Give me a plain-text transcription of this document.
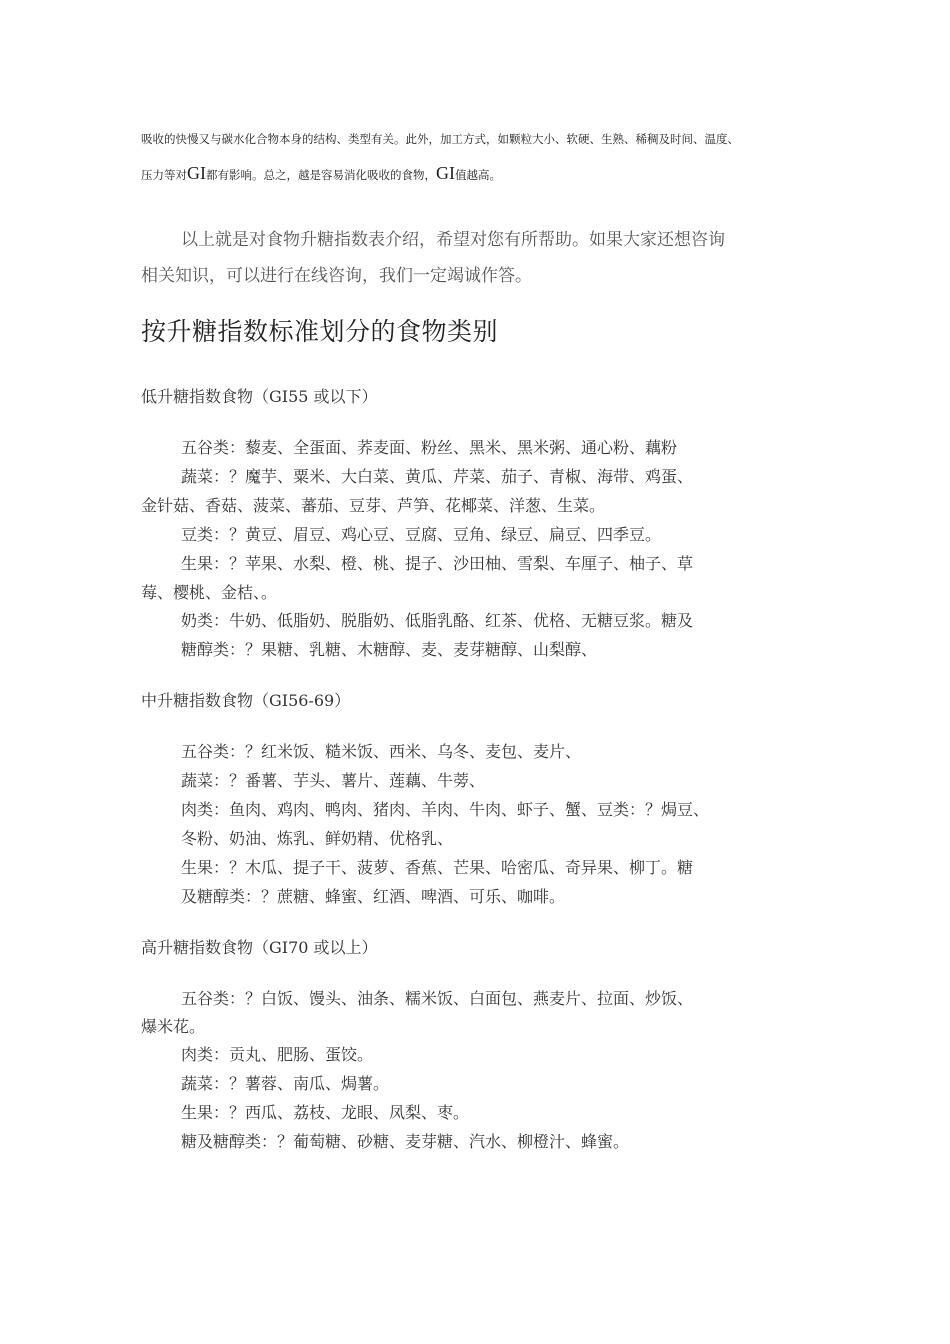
吸收的快慢又与碳水化合物本身的结构、类型有关。此外，加工方式，如颗粒大小、软硬、生熟、稀稠及时间、温度、
压力等对GI都有影响。总之，越是容易消化吸收的食物，GI值越高。
以上就是对食物升糖指数表介绍，希望对您有所帮助。如果大家还想咨询
相关知识，可以进行在线咨询，我们一定竭诚作答。
按升糖指数标准划分的食物类别
低升糖指数食物（GI55 或以下）
五谷类：藜麦、全蛋面、荞麦面、粉丝、黑米、黑米粥、通心粉、藕粉
蔬菜：？魔芋、粟米、大白菜、黄瓜、芹菜、茄子、青椒、海带、鸡蛋、
金针菇、香菇、菠菜、蕃茄、豆芽、芦笋、花椰菜、洋葱、生菜。
豆类：？黄豆、眉豆、鸡心豆、豆腐、豆角、绿豆、扁豆、四季豆。
生果：？苹果、水梨、橙、桃、提子、沙田柚、雪梨、车厘子、柚子、草
莓、樱桃、金桔、。
奶类：牛奶、低脂奶、脱脂奶、低脂乳酪、红茶、优格、无糖豆浆。糖及
糖醇类：？果糖、乳糖、木糖醇、麦、麦芽糖醇、山梨醇、
中升糖指数食物（GI56-69）
五谷类：？红米饭、糙米饭、西米、乌冬、麦包、麦片、
蔬菜：？番薯、芋头、薯片、莲藕、牛蒡、
肉类：鱼肉、鸡肉、鸭肉、猪肉、羊肉、牛肉、虾子、蟹、豆类：？焗豆、
冬粉、奶油、炼乳、鲜奶精、优格乳、
生果：？木瓜、提子干、菠萝、香蕉、芒果、哈密瓜、奇异果、柳丁。糖
及糖醇类：？蔗糖、蜂蜜、红酒、啤酒、可乐、咖啡。
高升糖指数食物（GI70 或以上）
五谷类：？白饭、馒头、油条、糯米饭、白面包、燕麦片、拉面、炒饭、
爆米花。
肉类：贡丸、肥肠、蛋饺。
蔬菜：？薯蓉、南瓜、焗薯。
生果：？西瓜、荔枝、龙眼、凤梨、枣。
糖及糖醇类：？葡萄糖、砂糖、麦芽糖、汽水、柳橙汁、蜂蜜。
